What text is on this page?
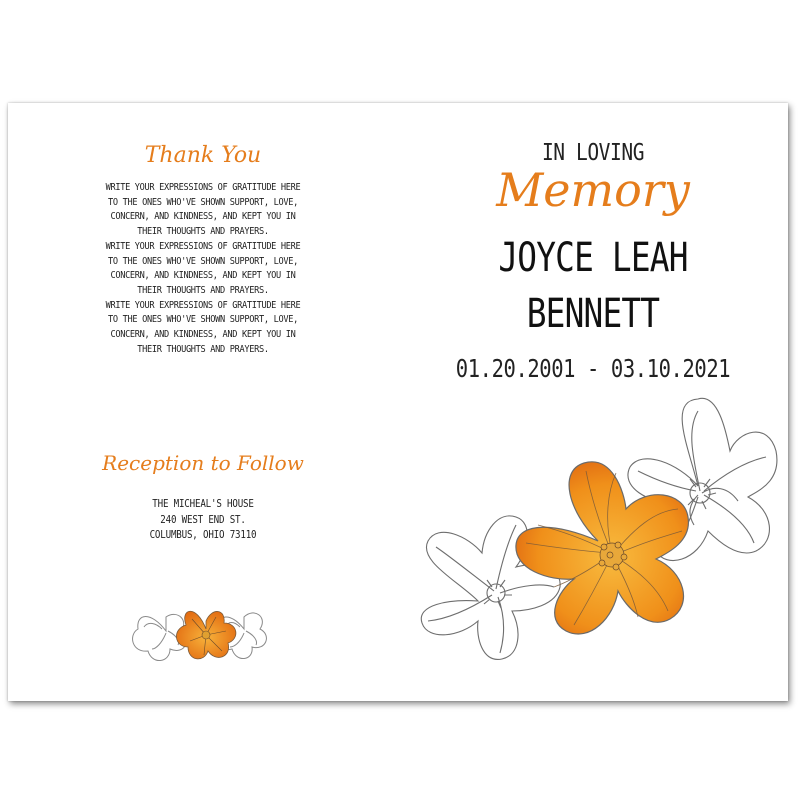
Thank You

WRITE YOUR EXPRESSIONS OF GRATITUDE HERE

TO THE ONES WHO'VE SHOWN SUPPORT, LOVE,

CONCERN, AND KINDNESS, AND KEPT YOU IN

THEIR THOUGHTS AND PRAYERS.

WRITE YOUR EXPRESSIONS OF GRATITUDE HERE

TO THE ONES WHO'VE SHOWN SUPPORT, LOVE,

CONCERN, AND KINDNESS, AND KEPT YOU IN

THEIR THOUGHTS AND PRAYERS.

WRITE YOUR EXPRESSIONS OF GRATITUDE HERE

TO THE ONES WHO'VE SHOWN SUPPORT, LOVE,

CONCERN, AND KINDNESS, AND KEPT YOU IN

THEIR THOUGHTS AND PRAYERS.

Reception to Follow
THE MICHEAL'S HOUSE
240 WEST END ST.
COLUMBUS, OHIO 73110
IN LOVING
Memory
JOYCE LEAH
BENNETT
01.20.2001 - 03.10.2021
